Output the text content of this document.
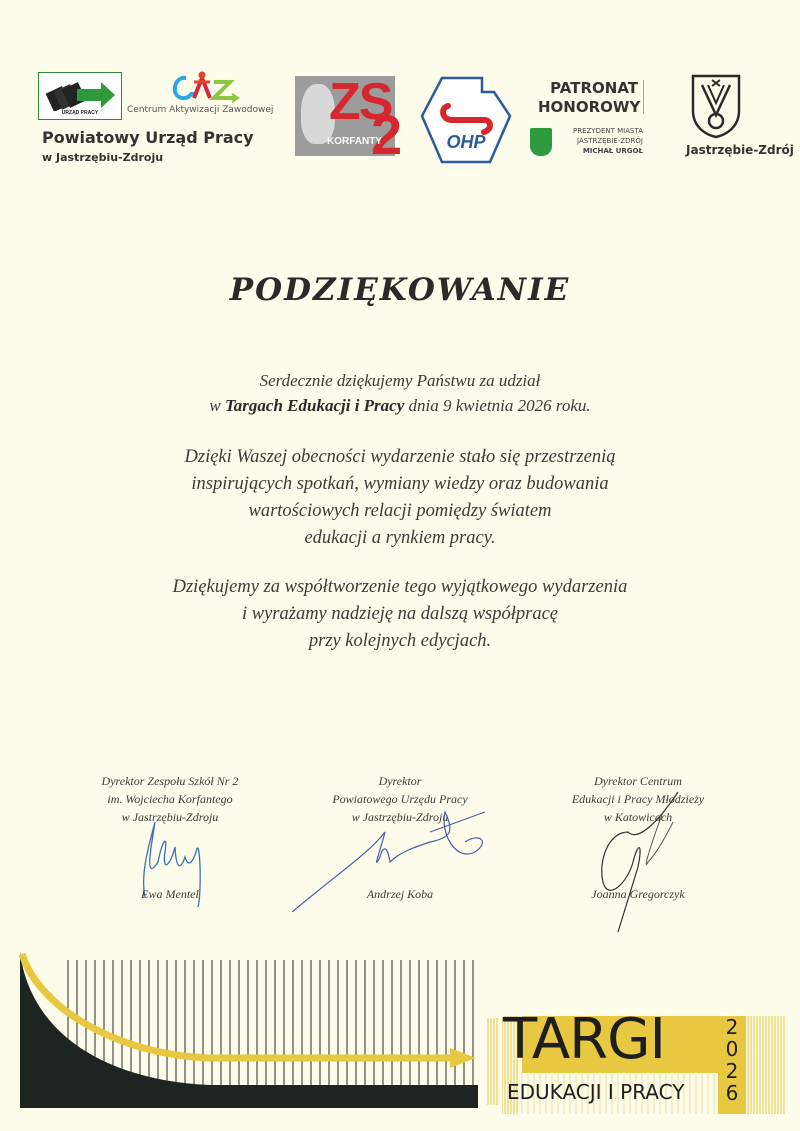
URZĄD PRACY	Centrum Aktywizacji Zawodowej
Powiatowy Urząd Pracy
w Jastrzębiu-Zdroju
ZS
2
KORFANTY	OHP
PATRONAT
HONOROWY
PREZYDENT MIASTA
JASTRZĘBIE-ZDRÓJ
MICHAŁ URGOŁ	Jastrzębie-Zdrój
PODZIĘKOWANIE
Serdecznie dziękujemy Państwu za udział
w Targach Edukacji i Pracy dnia 9 kwietnia 2026 roku.
Dzięki Waszej obecności wydarzenie stało się przestrzenią
inspirujących spotkań, wymiany wiedzy oraz budowania
wartościowych relacji pomiędzy światem
edukacji a rynkiem pracy.
Dziękujemy za współtworzenie tego wyjątkowego wydarzenia
i wyrażamy nadzieję na dalszą współpracę
przy kolejnych edycjach.
Dyrektor Zespołu Szkół Nr 2
im. Wojciecha Korfantego
w Jastrzębiu-Zdroju
Ewa Mentel
Dyrektor
Powiatowego Urzędu Pracy
w Jastrzębiu-Zdroju
Andrzej Koba
Dyrektor Centrum
Edukacji i Pracy Młodzieży
w Katowicach
Joanna Gregorczyk
TARGI
EDUKACJI I PRACY
2
0
2
6
